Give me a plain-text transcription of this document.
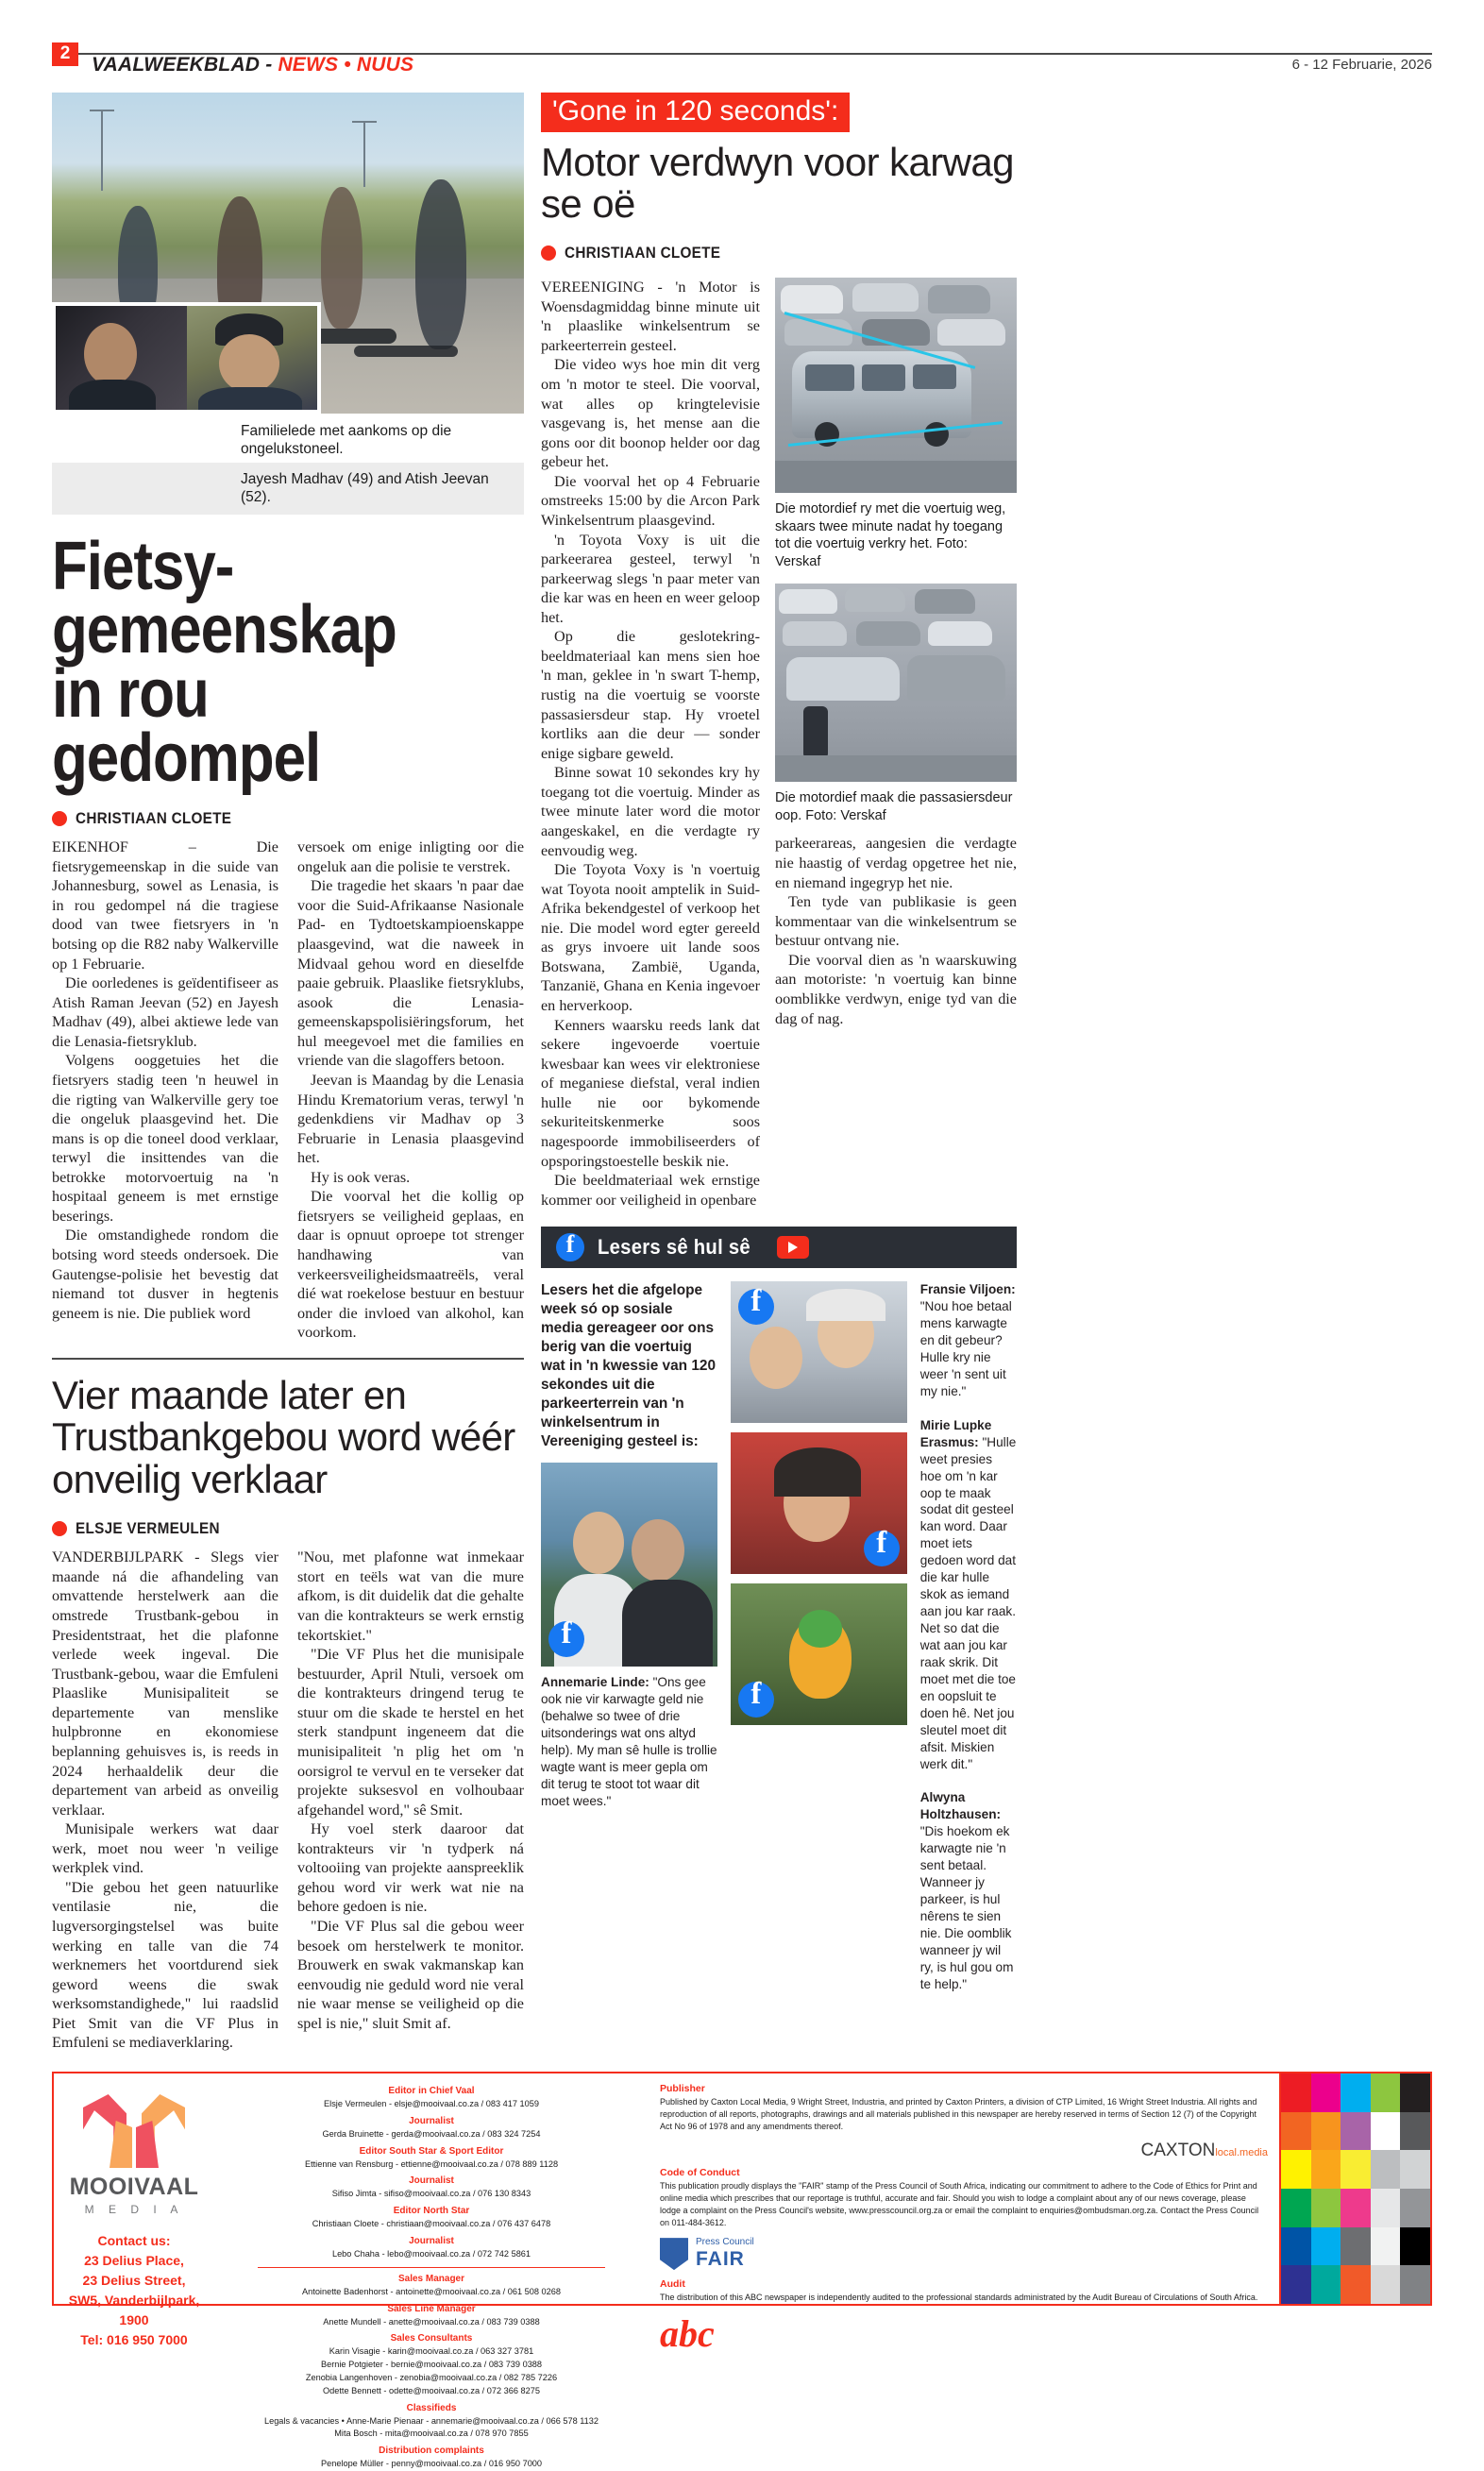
2
VAALWEEKBLAD - NEWS • NUUS	6 - 12 Februarie, 2026
Familielede met aankoms op die ongelukstoneel.
Jayesh Madhav (49) and Atish Jeevan (52).
Fietsy-gemeenskap in rou gedompel
CHRISTIAAN CLOETE

EIKENHOF – Die fietsrygemeenskap in die suide van Johannesburg, sowel as Lenasia, is in rou gedompel ná die tragiese dood van twee fietsryers in 'n botsing op die R82 naby Walkerville op 1 Februarie.

Die oorledenes is geïdentifiseer as Atish Raman Jeevan (52) en Jayesh Madhav (49), albei aktiewe lede van die Lenasia-fietsryklub.

Volgens ooggetuies het die fietsryers stadig teen 'n heuwel in die rigting van Walkerville gery toe die ongeluk plaasgevind het. Die mans is op die toneel dood verklaar, terwyl die insittendes van die betrokke motorvoertuig na 'n hospitaal geneem is met ernstige beserings.

Die omstandighede rondom die botsing word steeds ondersoek. Die Gautengse-polisie het bevestig dat niemand tot dusver in hegtenis geneem is nie. Die publiek word

versoek om enige inligting oor die ongeluk aan die polisie te verstrek.

Die tragedie het skaars 'n paar dae voor die Suid-Afrikaanse Nasionale Pad- en Tydtoetskampioenskappe plaasgevind, wat die naweek in Midvaal gehou word en dieselfde paaie gebruik. Plaaslike fietsryklubs, asook die Lenasia-gemeenskapspolisiëringsforum, het hul meegevoel met die families en vriende van die slagoffers betoon.

Jeevan is Maandag by die Lenasia Hindu Krematorium veras, terwyl 'n gedenkdiens vir Madhav op 3 Februarie in Lenasia plaasgevind het.

Hy is ook veras.

Die voorval het die kollig op fietsryers se veiligheid geplaas, en daar is opnuut oproepe tot strenger handhawing van verkeersveiligheidsmaatreëls, veral dié wat roekelose bestuur en bestuur onder die invloed van alkohol, kan voorkom.

Vier maande later en Trustbankgebou word wéér onveilig verklaar
ELSJE VERMEULEN

VANDERBIJLPARK - Slegs vier maande ná die afhandeling van omvattende herstelwerk aan die omstrede Trustbank-gebou in Presidentstraat, het die plafonne verlede week ingeval. Die Trustbank-gebou, waar die Emfuleni Plaaslike Munisipaliteit se departemente van menslike hulpbronne en ekonomiese beplanning gehuisves is, is reeds in 2024 herhaaldelik deur die departement van arbeid as onveilig verklaar.

Munisipale werkers wat daar werk, moet nou weer 'n veilige werkplek vind.

"Die gebou het geen natuurlike ventilasie nie, die lugversorgingstelsel was buite werking en talle van die 74 werknemers het voortdurend siek geword weens die swak werksomstandighede," lui raadslid Piet Smit van die VF Plus in Emfuleni se mediaverklaring.

"Nou, met plafonne wat inmekaar stort en teëls wat van die mure afkom, is dit duidelik dat die gehalte van die kontrakteurs se werk ernstig tekortskiet."

"Die VF Plus het die munisipale bestuurder, April Ntuli, versoek om die kontrakteurs dringend terug te stuur om die skade te herstel en het sterk standpunt ingeneem dat die munisipaliteit 'n plig het om 'n oorsigrol te vervul en te verseker dat projekte suksesvol en volhoubaar afgehandel word," sê Smit.

Hy voel sterk daaroor dat kontrakteurs vir 'n tydperk ná voltooiing van projekte aanspreeklik gehou word vir werk wat nie na behore gedoen is nie.

"Die VF Plus sal die gebou weer besoek om herstelwerk te monitor. Brouwerk en swak vakmanskap kan eenvoudig nie geduld word nie veral nie waar mense se veiligheid op die spel is nie," sluit Smit af.

'Gone in 120 seconds':
Motor verdwyn voor karwag se oë
CHRISTIAAN CLOETE

VEREENIGING - 'n Motor is Woensdagmiddag binne minute uit 'n plaaslike winkelsentrum se parkeerterrein gesteel.

Die video wys hoe min dit verg om 'n motor te steel. Die voorval, wat alles op kringtelevisie vasgevang is, het mense aan die gons oor dit boonop helder oor dag gebeur het.

Die voorval het op 4 Februarie omstreeks 15:00 by die Arcon Park Winkelsentrum plaasgevind.

'n Toyota Voxy is uit die parkeerarea gesteel, terwyl 'n parkeerwag slegs 'n paar meter van die kar was en heen en weer geloop het.

Op die geslotekring-beeldmateriaal kan mens sien hoe 'n man, geklee in 'n swart T-hemp, rustig na die voertuig se voorste passasiersdeur stap. Hy vroetel kortliks aan die deur — sonder enige sigbare geweld.

Binne sowat 10 sekondes kry hy toegang tot die voertuig. Minder as twee minute later word die motor aangeskakel, en die verdagte ry eenvoudig weg.

Die Toyota Voxy is 'n voertuig wat Toyota nooit amptelik in Suid-Afrika bekendgestel of verkoop het nie. Die model word egter gereeld as grys invoere uit lande soos Botswana, Zambië, Uganda, Tanzanië, Ghana en Kenia ingevoer en herverkoop.

Kenners waarsku reeds lank dat sekere ingevoerde voertuie kwesbaar kan wees vir elektroniese of meganiese diefstal, veral indien hulle nie oor bykomende sekuriteitskenmerke soos nagespoorde immobiliseerders of opsporingstoestelle beskik nie.

Die beeldmateriaal wek ernstige kommer oor veiligheid in openbare

Die motordief ry met die voertuig weg, skaars twee minute nadat hy toegang tot die voertuig verkry het. Foto: Verskaf
Die motordief maak die passasiersdeur oop. Foto: Verskaf

parkeerareas, aangesien die verdagte nie haastig of verdag opgetree het nie, en niemand ingegryp het nie.

Ten tyde van publikasie is geen kommentaar van die winkelsentrum se bestuur ontvang nie.

Die voorval dien as 'n waarskuwing aan motoriste: 'n voertuig kan binne oomblikke verdwyn, enige tyd van die dag of nag.

f
Lesers sê hul sê
Lesers het die afgelope week só op sosiale media gereageer oor ons berig van die voertuig wat in 'n kwessie van 120 sekondes uit die parkeerterrein van 'n winkelsentrum in Vereeniging gesteel is:
f
Annemarie Linde: "Ons gee ook nie vir karwagte geld nie (behalwe so twee of drie uitsonderings wat ons altyd help). My man sê hulle is trollie wagte want is meer gepla om dit terug te stoot tot waar dit moet wees."
f
f
f
Fransie Viljoen: "Nou hoe betaal mens karwagte en dit gebeur? Hulle kry nie weer 'n sent uit my nie."
Mirie Lupke Erasmus: "Hulle weet presies hoe om 'n kar oop te maak sodat dit gesteel kan word. Daar moet iets gedoen word dat die kar hulle skok as iemand aan jou kar raak. Net so dat die wat aan jou kar raak skrik. Dit moet met die toe en oopsluit te doen hê. Net jou sleutel moet dit afsit. Miskien werk dit."
Alwyna Holtzhausen: "Dis hoekom ek karwagte nie 'n sent betaal. Wanneer jy parkeer, is hul nêrens te sien nie. Die oomblik wanneer jy wil ry, is hul gou om te help."
MOOIVAAL
M E D I A
Contact us:
23 Delius Place,
23 Delius Street,
SW5, Vanderbijlpark,
1900
Tel: 016 950 7000
Editor in Chief Vaal
Elsje Vermeulen - elsje@mooivaal.co.za / 083 417 1059
Journalist
Gerda Bruinette - gerda@mooivaal.co.za / 083 324 7254
Editor South Star & Sport Editor
Ettienne van Rensburg - ettienne@mooivaal.co.za / 078 889 1128
Journalist
Sifiso Jimta - sifiso@mooivaal.co.za / 076 130 8343
Editor North Star
Christiaan Cloete - christiaan@mooivaal.co.za / 076 437 6478
Journalist
Lebo Chaha - lebo@mooivaal.co.za / 072 742 5861
Sales Manager
Antoinette Badenhorst - antoinette@mooivaal.co.za / 061 508 0268
Sales Line Manager
Anette Mundell - anette@mooivaal.co.za / 083 739 0388
Sales Consultants
Karin Visagie - karin@mooivaal.co.za / 063 327 3781
Bernie Potgieter - bernie@mooivaal.co.za / 083 739 0388
Zenobia Langenhoven - zenobia@mooivaal.co.za / 082 785 7226
Odette Bennett - odette@mooivaal.co.za / 072 366 8275
Classifieds
Legals & vacancies • Anne-Marie Pienaar - annemarie@mooivaal.co.za / 066 578 1132
Mita Bosch - mita@mooivaal.co.za / 078 970 7855
Distribution complaints
Penelope Müller - penny@mooivaal.co.za / 016 950 7000
Publisher
Published by Caxton Local Media, 9 Wright Street, Industria, and printed by Caxton Printers, a division of CTP Limited, 16 Wright Street Industria. All rights and reproduction of all reports, photographs, drawings and all materials published in this newspaper are hereby reserved in terms of Section 12 (7) of the Copyright Act No 96 of 1978 and any amendments thereof.
CAXTONlocal.media
Code of Conduct
This publication proudly displays the "FAIR" stamp of the Press Council of South Africa, indicating our commitment to adhere to the Code of Ethics for Print and online media which prescribes that our reportage is truthful, accurate and fair. Should you wish to lodge a complaint about any of our news coverage, please lodge a complaint on the Press Council's website, www.presscouncil.org.za or email the complaint to enquiries@ombudsman.org.za. Contact the Press Council on 011-484-3612.
Press Council
FAIR
Audit
The distribution of this ABC newspaper is independently audited to the professional standards administrated by the Audit Bureau of Circulations of South Africa.
abc
